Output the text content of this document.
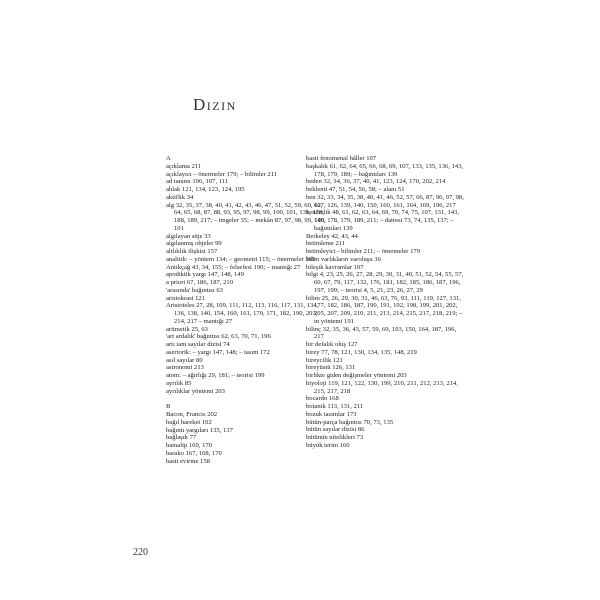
Dizin

A

açıklama 211

açıklayıcı – önermeler 179; – bilimler 211

ad tanımı 106, 107, 111

ahlak 121, 134, 123, 124, 195

aktiflik 34

alg 32, 35, 37, 38, 40, 41, 42, 43, 46, 47, 51, 52, 59, 60, 62, 64, 65, 68, 87, 88, 93, 95, 97, 98, 99, 100, 101, 131, 178, 188, 189, 217; – imgeler 35; – mekân 87, 97, 98, 99, 100, 101

algılayan süje 33

algılanmış objeler 99

altlıklık ilişkisi 157

analitik: – yöntem 134; – geometri 115; – önermeler 165

Antikçağ 43, 34, 155; – felsefesi 190; – mantığı 27

apodiktik yargı 147, 148, 149

a priori 67, 186, 187, 210

'arasında' bağıntısı 63

aristokrasi 121

Aristoteles 27, 28, 109, 111, 112, 113, 116, 117, 131, 134, 136, 138, 140, 154, 160, 161, 170, 171, 182, 190, 203, 214, 217 – mantığı 27

aritmetik 25, 63

'art ardalık' bağıntısı 62, 63, 70, 71, 196

artı tam sayılar dizisi 74

asertorik: – yargı 147, 148; – tasım 172

asıl sayılar 80

astronomi 213

atom: – ağırlığı 29, 181; – teorisi 199

ayrılık 85

ayrılıklar yöntemi 203

B

Bacon, Francis 202

bağıl hareket 102

bağıntı yargıları 135, 137

bağlaşık 77

bamalip 169, 170

barako 167, 168, 170

basit evirme 158

basit fenomenal hâller 107

başkalık 61, 62, 64, 65, 66, 68, 69, 107, 133, 135, 136, 143, 178, 179, 189; – bağıntıları 139

beden 32, 34, 36, 37, 40, 41, 123, 124, 170, 202, 214

beklenti 47, 51, 54, 56, 58; – alanı 51

ben 32, 33, 34, 35, 38, 40, 41, 46, 52, 57, 66, 87, 96, 97, 98, 107, 126, 139, 140, 150, 160, 161, 164, 169, 196, 217

benzerlik 48, 61, 62, 63, 64, 69, 70, 74, 75, 107, 131, 143, 145, 178, 179, 189, 211; – dairesi 73, 74, 135, 137; – bağıntıları 139

Berkeley 42, 43, 44

betimleme 211

betimleyici - bilimler 211; – önermeler 179

bilen varlıkların varoluşu 36

bileşik kavramlar 107

bilgi 4, 23, 25, 26, 27, 28, 29, 30, 31, 40, 51, 52, 54, 55, 57, 60, 67, 79, 117, 132, 176, 181, 182, 185, 186, 187, 196, 197, 199; – teorisi 4, 5, 21, 23, 26, 27, 29

bilim 25, 26, 29, 30, 31, 46, 63, 76, 93, 111, 119, 127, 131, 177, 182, 186, 187, 190, 191, 192, 198, 199, 201, 202, 205, 207, 209, 210, 211, 213, 214, 215, 217, 218, 219; – in yöntemi 191

bilinç 32, 35, 36, 43, 57, 59, 69, 103, 150, 164, 187, 196, 217

bir defalık oluş 127

birey 77, 78, 121, 130, 134, 135, 148, 219

bireycilik 121

bireyüstü 126, 131

birlikte giden değişmeler yöntemi 203

biyoloji 119, 121, 122, 130, 199, 210, 211, 212, 213, 214, 215, 217, 218

bocardo 168

botanik 113, 131, 211

bozuk tasımlar 173

bütün-parça bağıntısı 70, 73, 135

bütün sayılar dizisi 86

bütünün nitelikleri 73

büyük terim 160

220
